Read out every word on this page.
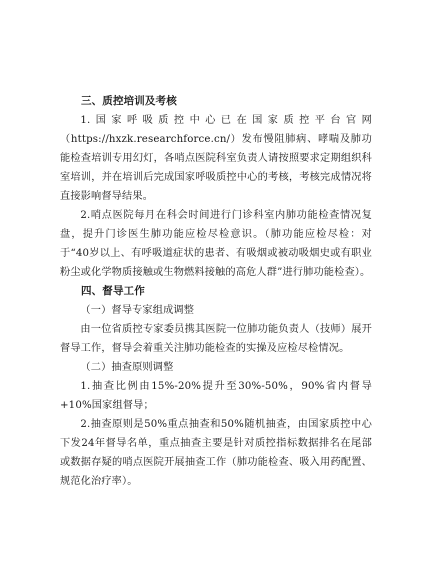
三、质控培训及考核

1.国家呼吸质控中心已在国家质控平台官网（https://hxzk.researchforce.cn/）发布慢阻肺病、哮喘及肺功能检查培训专用幻灯，各哨点医院科室负责人请按照要求定期组织科室培训，并在培训后完成国家呼吸质控中心的考核，考核完成情况将直接影响督导结果。

2.哨点医院每月在科会时间进行门诊科室内肺功能检查情况复盘，提升门诊医生肺功能应检尽检意识。（肺功能应检尽检：对于“40岁以上、有呼吸道症状的患者、有吸烟或被动吸烟史或有职业粉尘或化学物质接触或生物燃料接触的高危人群”进行肺功能检查）。

四、督导工作
（一）督导专家组成调整

由一位省质控专家委员携其医院一位肺功能负责人（技师）展开督导工作，督导会着重关注肺功能检查的实操及应检尽检情况。

（二）抽查原则调整

1.抽查比例由15%-20%提升至30%-50%，90%省内督导+10%国家组督导；

2.抽查原则是50%重点抽查和50%随机抽查，由国家质控中心下发24年督导名单，重点抽查主要是针对质控指标数据排名在尾部或数据存疑的哨点医院开展抽查工作（肺功能检查、吸入用药配置、规范化治疗率）。
